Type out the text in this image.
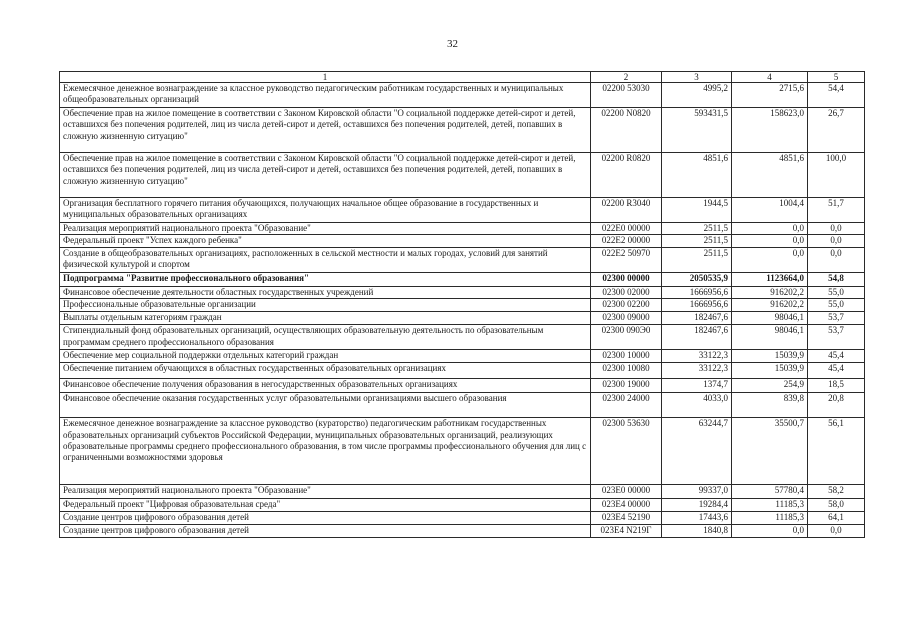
32
1	2	3	4	5
Ежемесячное денежное вознаграждение за классное руководство педагогическим работникам государственных и муниципальных общеобразовательных организаций	02200 53030	4995,2	2715,6	54,4
Обеспечение прав на жилое помещение в соответствии с Законом Кировской области "О социальной поддержке детей-сирот и детей, оставшихся без попечения родителей, лиц из числа детей-сирот и детей, оставшихся без попечения родителей, детей, попавших в сложную жизненную ситуацию"	02200 N0820	593431,5	158623,0	26,7
Обеспечение прав на жилое помещение в соответствии с Законом Кировской области "О социальной поддержке детей-сирот и детей, оставшихся без попечения родителей, лиц из числа детей-сирот и детей, оставшихся без попечения родителей, детей, попавших в сложную жизненную ситуацию"	02200 R0820	4851,6	4851,6	100,0
Организация бесплатного горячего питания обучающихся, получающих начальное общее образование в государственных и муниципальных образовательных организациях	02200 R3040	1944,5	1004,4	51,7
Реализация мероприятий национального проекта "Образование"	022E0 00000	2511,5	0,0	0,0
Федеральный проект "Успех каждого ребенка"	022E2 00000	2511,5	0,0	0,0
Создание в общеобразовательных организациях, расположенных в сельской местности и малых городах, условий для занятий физической культурой и спортом	022E2 50970	2511,5	0,0	0,0
Подпрограмма "Развитие профессионального образования"	02300 00000	2050535,9	1123664,0	54,8
Финансовое обеспечение деятельности областных государственных учреждений	02300 02000	1666956,6	916202,2	55,0
Профессиональные образовательные организации	02300 02200	1666956,6	916202,2	55,0
Выплаты отдельным категориям граждан	02300 09000	182467,6	98046,1	53,7
Стипендиальный фонд образовательных организаций, осуществляющих образовательную деятельность по образовательным программам среднего профессионального образования	02300 090Э0	182467,6	98046,1	53,7
Обеспечение мер социальной поддержки отдельных категорий граждан	02300 10000	33122,3	15039,9	45,4
Обеспечение питанием обучающихся в областных государственных образовательных организациях	02300 10080	33122,3	15039,9	45,4
Финансовое обеспечение получения образования в негосударственных образовательных организациях	02300 19000	1374,7	254,9	18,5
Финансовое обеспечение оказания государственных услуг образовательными организациями высшего образования	02300 24000	4033,0	839,8	20,8
Ежемесячное денежное вознаграждение за классное руководство (кураторство) педагогическим работникам государственных образовательных организаций субъектов Российской Федерации, муниципальных образовательных организаций, реализующих образовательные программы среднего профессионального образования, в том числе программы профессионального обучения для лиц с ограниченными возможностями здоровья	02300 53630	63244,7	35500,7	56,1
Реализация мероприятий национального проекта "Образование"	023E0 00000	99337,0	57780,4	58,2
Федеральный проект "Цифровая образовательная среда"	023E4 00000	19284,4	11185,3	58,0
Создание центров цифрового образования детей	023E4 52190	17443,6	11185,3	64,1
Создание центров цифрового образования детей	023E4 N219Г	1840,8	0,0	0,0
